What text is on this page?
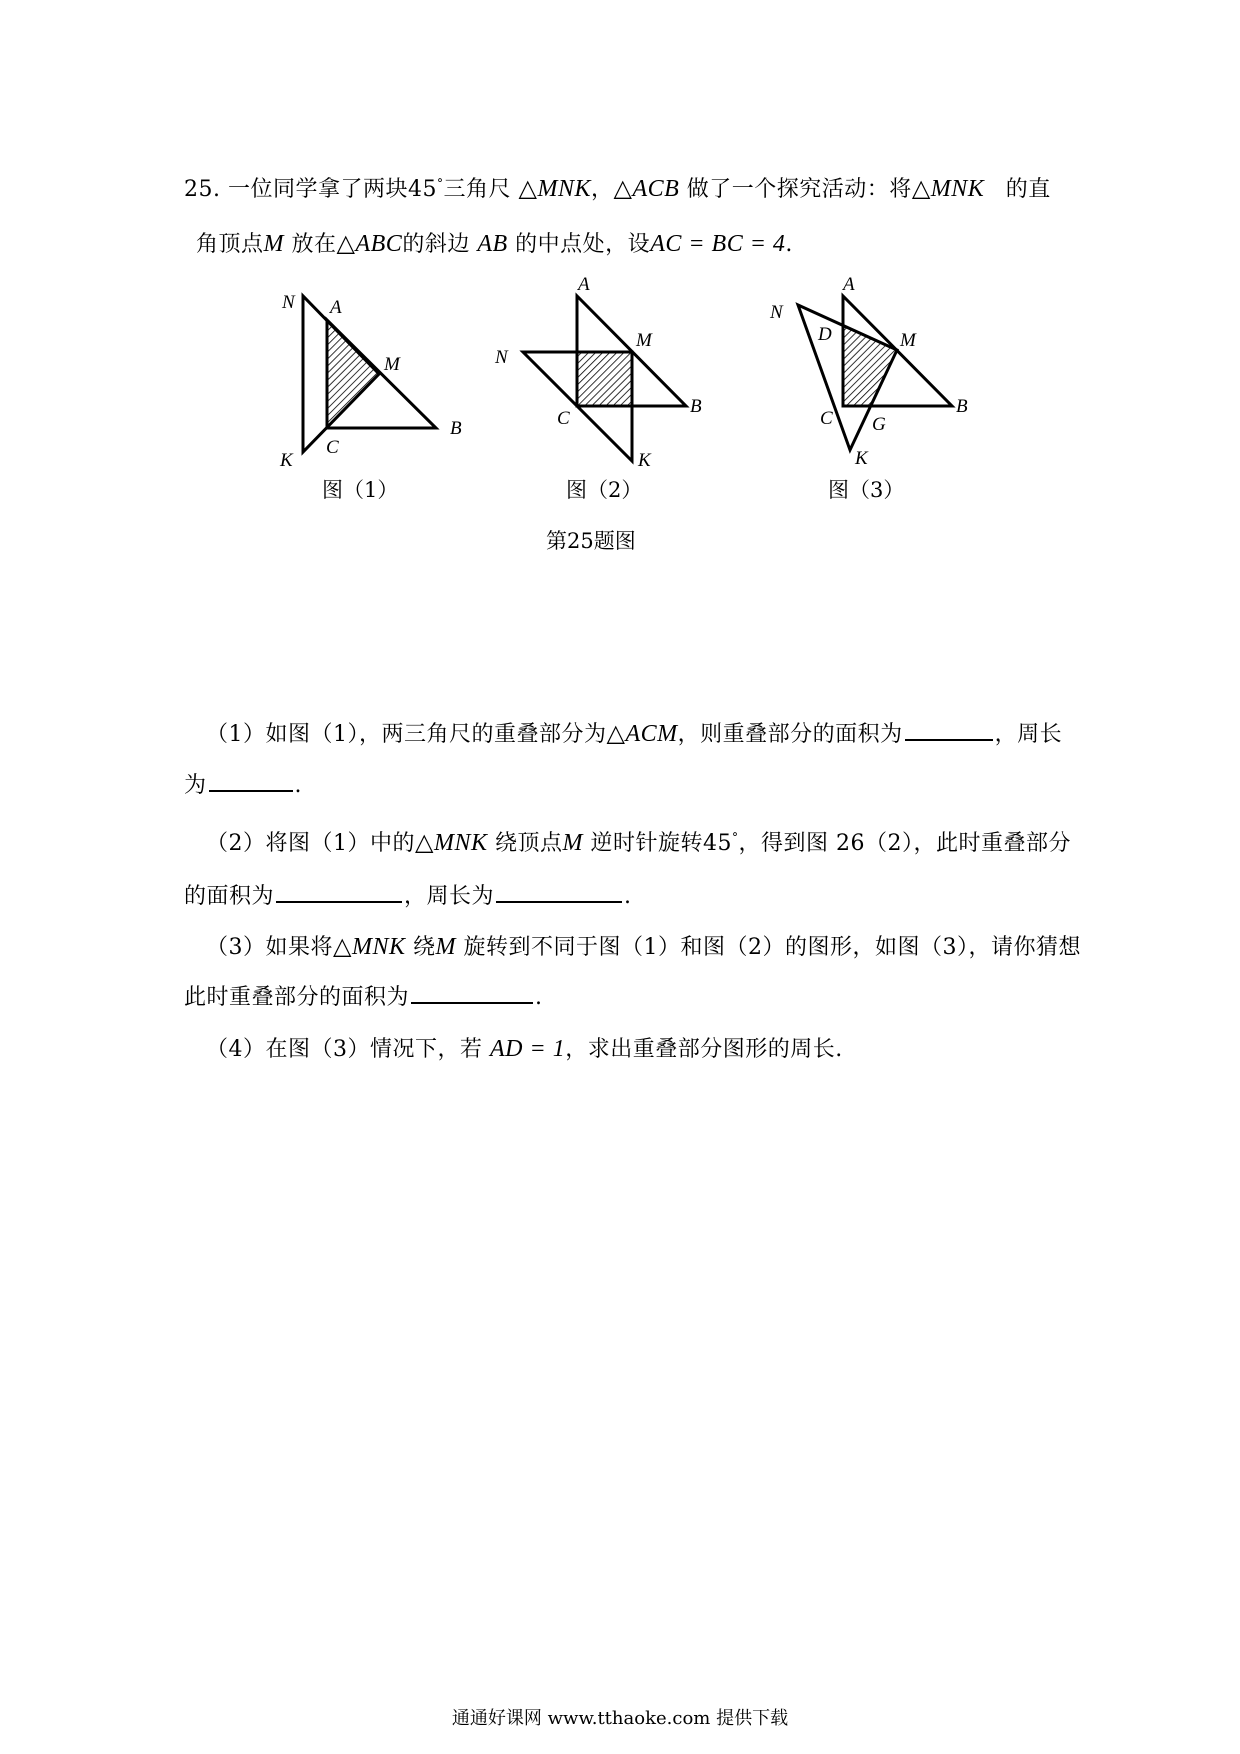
25. 一位同学拿了两块45°三角尺 △MNK，△ACB 做了一个探究活动：将△MNK 的直
角顶点M 放在△ABC的斜边 AB 的中点处，设AC = BC = 4.
N A
M
B
C
K
A
M
N
B
C
K
A
N
D	M
B
C G
K
图（1）	图（2）	图（3）
第25题图
（1）如图（1），两三角尺的重叠部分为△ACM，则重叠部分的面积为	，周长
为	.
（2）将图（1）中的△MNK 绕顶点M 逆时针旋转45°，得到图 26（2），此时重叠部分
的面积为	，周长为	.
（3）如果将△MNK 绕M 旋转到不同于图（1）和图（2）的图形，如图（3），请你猜想
此时重叠部分的面积为	.
（4）在图（3）情况下，若 AD = 1，求出重叠部分图形的周长.
通通好课网 www.tthaoke.com 提供下载
